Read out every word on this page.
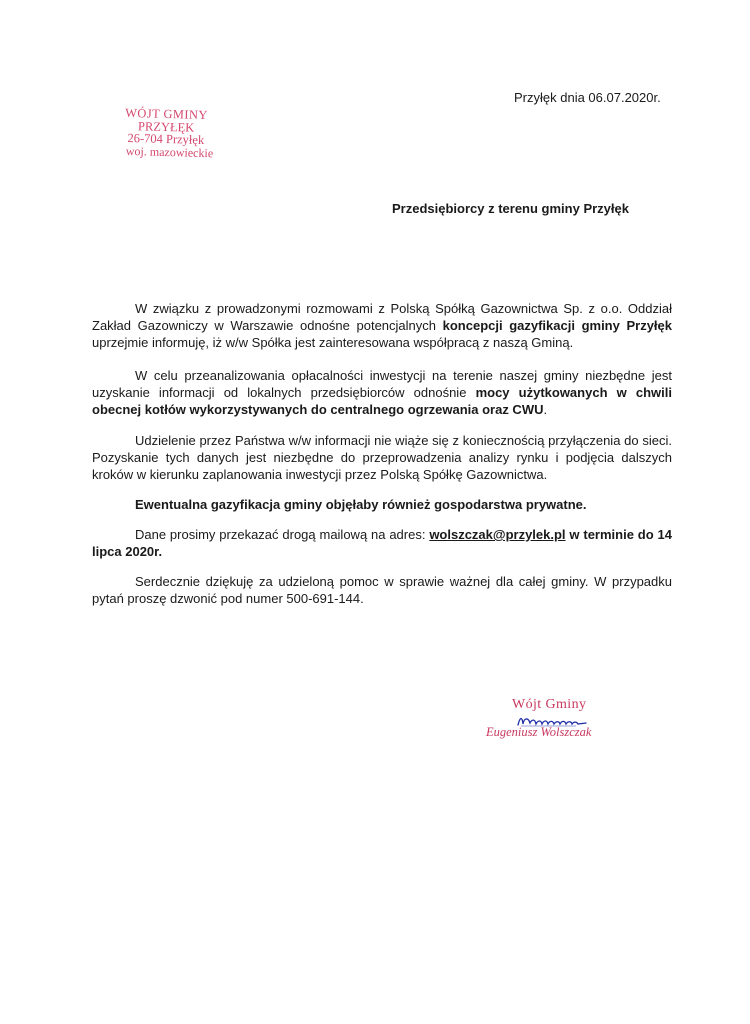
WÓJT GMINY
PRZYŁĘK
26-704 Przyłęk
woj. mazowieckie
Przyłęk dnia 06.07.2020r.
Przedsiębiorcy z terenu gminy Przyłęk

W związku z prowadzonymi rozmowami z Polską Spółką Gazownictwa Sp. z o.o. Oddział Zakład Gazowniczy w Warszawie odnośne potencjalnych koncepcji gazyfikacji gminy Przyłęk uprzejmie informuję, iż w/w Spółka jest zainteresowana współpracą z naszą Gminą.

W celu przeanalizowania opłacalności inwestycji na terenie naszej gminy niezbędne jest uzyskanie informacji od lokalnych przedsiębiorców odnośnie mocy użytkowanych w chwili obecnej kotłów wykorzystywanych do centralnego ogrzewania oraz CWU.

Udzielenie przez Państwa w/w informacji nie wiąże się z koniecznością przyłączenia do sieci. Pozyskanie tych danych jest niezbędne do przeprowadzenia analizy rynku i podjęcia dalszych kroków w kierunku zaplanowania inwestycji przez Polską Spółkę Gazownictwa.

Ewentualna gazyfikacja gminy objęłaby również gospodarstwa prywatne.

Dane prosimy przekazać drogą mailową na adres: wolszczak@przylek.pl w terminie do 14 lipca 2020r.

Serdecznie dziękuję za udzieloną pomoc w sprawie ważnej dla całej gminy. W przypadku pytań proszę dzwonić pod numer 500-691-144.

Wójt Gminy
Eugeniusz Wolszczak
